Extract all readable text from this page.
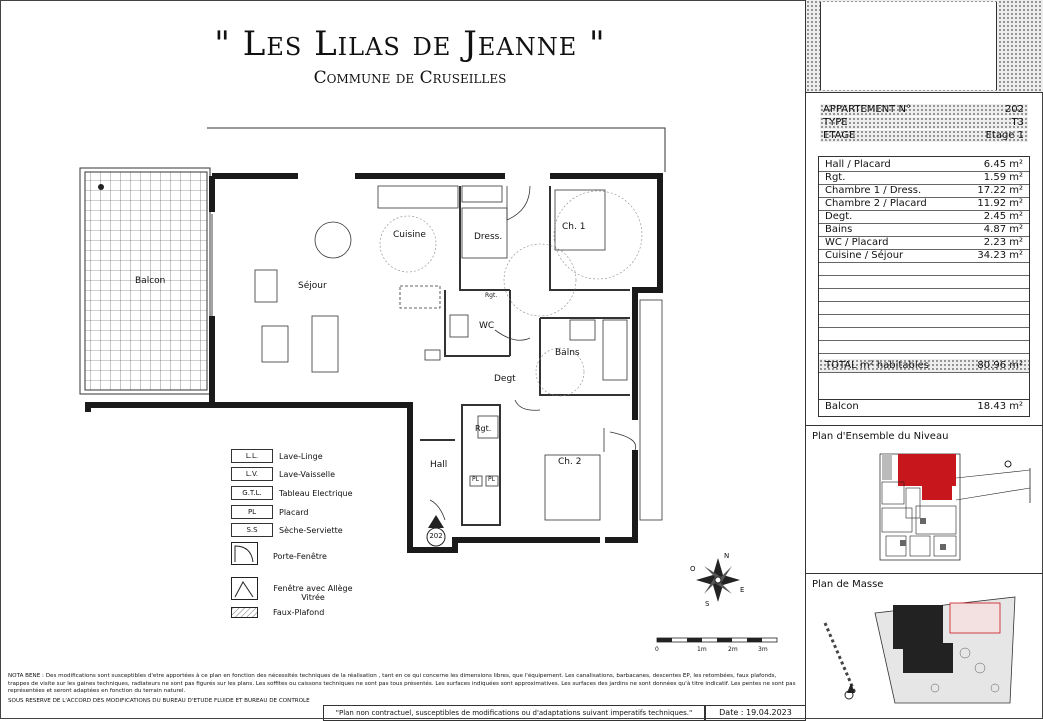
" Les Lilas de Jeanne "
Commune de Cruseilles
Balcon	Séjour
Cuisine	Dress.
Ch. 1
WC
Bains
Degt
Rgt.
Rgt.
Hall	Ch. 2
PL PL
202
N
E
S
O
0	1m	2m	3m
L.L.	Lave-Linge
L.V.	Lave-Vaisselle
G.T.L.	Tableau Electrique
PL	Placard
S.S	Sèche-Serviette
Porte-Fenêtre
Fenêtre avec Allège Vitrée
Faux-Plafond
APPARTEMENT N°	202
TYPE	T3
ETAGE	Etage 1
Hall / Placard	6.45 m²
Rgt.	1.59 m²
Chambre 1 / Dress.	17.22 m²
Chambre 2 / Placard	11.92 m²
Degt.	2.45 m²
Bains	4.87 m²
WC / Placard	2.23 m²
Cuisine / Séjour	34.23 m²
TOTAL m² habitables	80.96 m²
Balcon	18.43 m²
Plan d'Ensemble du Niveau
Plan de Masse
NOTA BENE : Des modifications sont susceptibles d'etre apportées à ce plan en fonction des nécessités techniques de la réalisation , tant en ce qui concerne les dimensions libres, que l'équipement. Les canalisations, barbacanes, descentes EP, les retombées, faux plafonds, trappes de visite sur les gaines techniques, radiateurs ne sont pas figurés sur les plans. Les soffites ou caissons techniques ne sont pas tous présentés. Les surfaces indiquées sont approximatives. Les surfaces des jardins ne sont données qu'à titre indicatif. Les pentes ne sont pas représentées et seront adaptées en fonction du terrain naturel.
SOUS RESERVE DE L'ACCORD DES MODIFICATIONS DU BUREAU D'ETUDE FLUIDE ET BUREAU DE CONTROLE
"Plan non contractuel, susceptibles de modifications ou d'adaptations suivant imperatifs techniques."	Date : 19.04.2023
